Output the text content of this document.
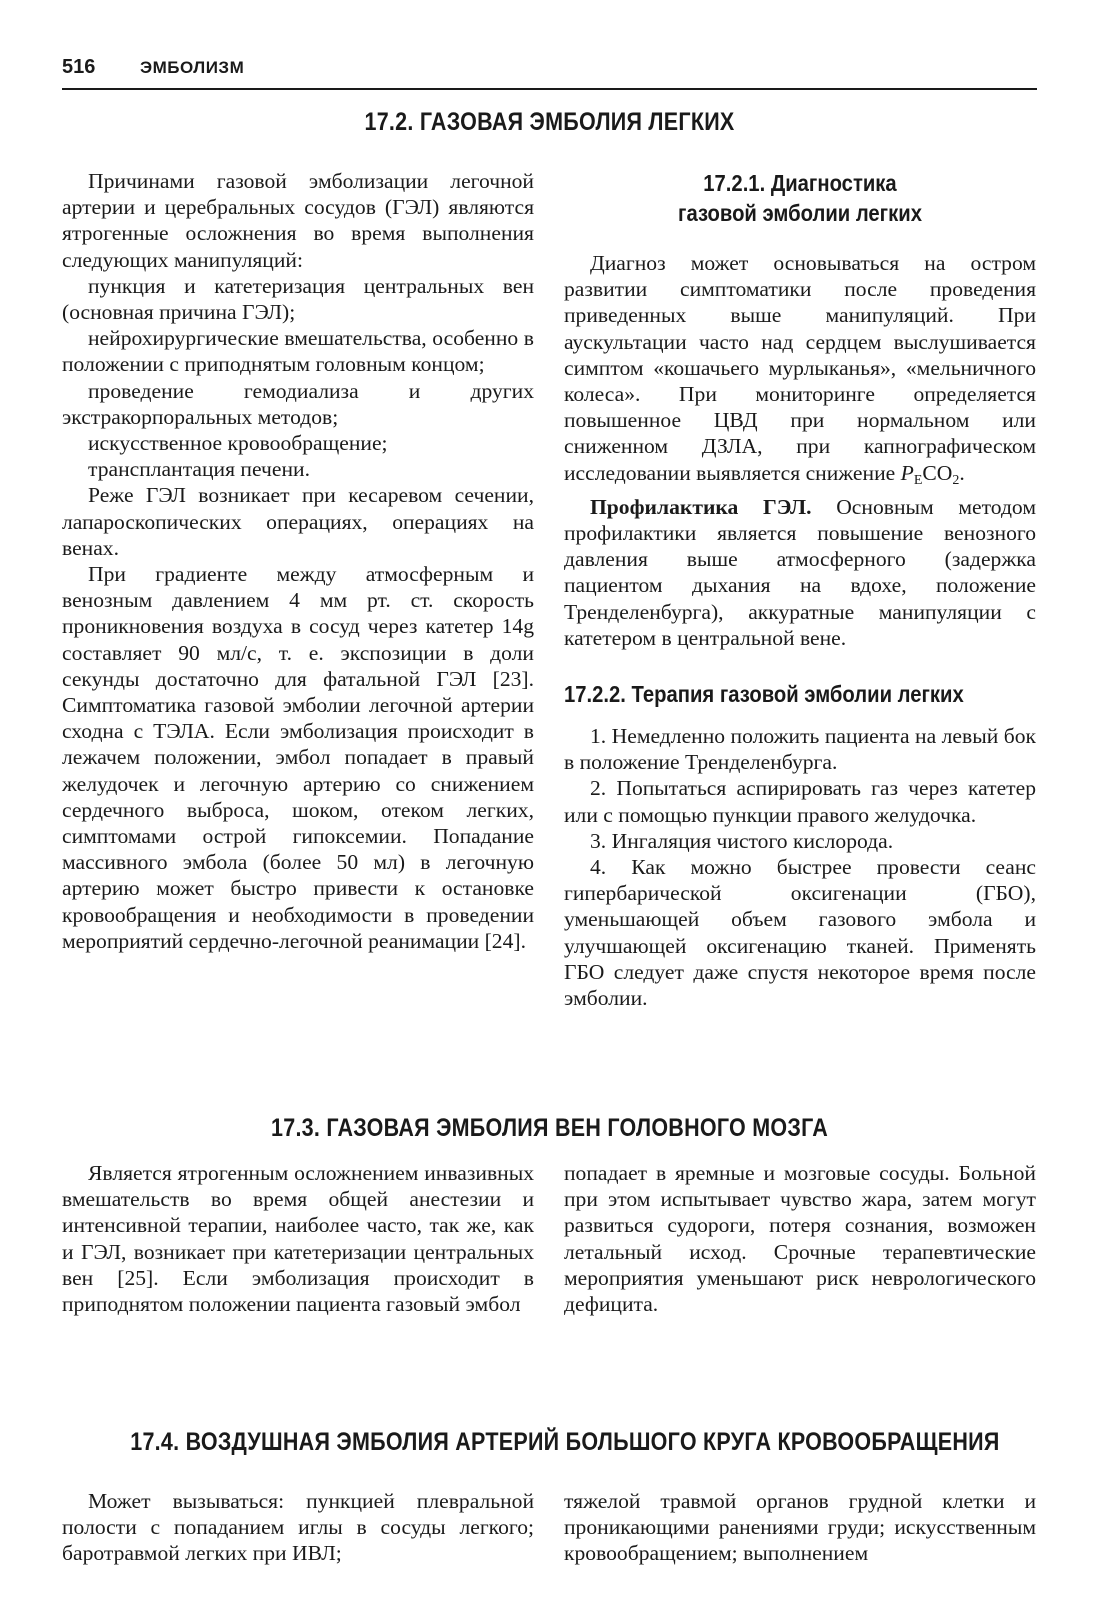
516	ЭМБОЛИЗМ
17.2. ГАЗОВАЯ ЭМБОЛИЯ ЛЕГКИХ

Причинами газовой эмболизации легочной артерии и церебральных сосудов (ГЭЛ) являются ятрогенные осложнения во время выполнения следующих манипуляций:

пункция и катетеризация центральных вен (основная причина ГЭЛ);

нейрохирургические вмешательства, особенно в положении с приподнятым головным концом;

проведение гемодиализа и других экстракорпоральных методов;

искусственное кровообращение;

трансплантация печени.

Реже ГЭЛ возникает при кесаревом сечении, лапароскопических операциях, операциях на венах.

При градиенте между атмосферным и венозным давлением 4 мм рт. ст. скорость проникновения воздуха в сосуд через катетер 14g составляет 90 мл/с, т. е. экспозиции в доли секунды достаточно для фатальной ГЭЛ [23]. Симптоматика газовой эмболии легочной артерии сходна с ТЭЛА. Если эмболизация происходит в лежачем положении, эмбол попадает в правый желудочек и легочную артерию со снижением сердечного выброса, шоком, отеком легких, симптомами острой гипоксемии. Попадание массивного эмбола (более 50 мл) в легочную артерию может быстро привести к остановке кровообращения и необходимости в проведении мероприятий сердечно-легочной реанимации [24].

17.2.1. Диагностика

газовой эмболии легких

Диагноз может основываться на остром развитии симптоматики после проведения приведенных выше манипуляций. При аускультации часто над сердцем выслушивается симптом «кошачьего мурлыканья», «мельничного колеса». При мониторинге определяется повышенное ЦВД при нормальном или сниженном ДЗЛА, при капнографическом исследовании выявляется снижение $P_ECO_2$.

Профилактика ГЭЛ. Основным методом профилактики является повышение венозного давления выше атмосферного (задержка пациентом дыхания на вдохе, положение Тренделенбурга), аккуратные манипуляции с катетером в центральной вене.

17.2.2. Терапия газовой эмболии легких

1. Немедленно положить пациента на левый бок в положение Тренделенбурга.

2. Попытаться аспирировать газ через катетер или с помощью пункции правого желудочка.

3. Ингаляция чистого кислорода.

4. Как можно быстрее провести сеанс гипербарической оксигенации (ГБО), уменьшающей объем газового эмбола и улучшающей оксигенацию тканей. Применять ГБО следует даже спустя некоторое время после эмболии.

17.3. ГАЗОВАЯ ЭМБОЛИЯ ВЕН ГОЛОВНОГО МОЗГА

Является ятрогенным осложнением инвазивных вмешательств во время общей анестезии и интенсивной терапии, наиболее часто, так же, как и ГЭЛ, возникает при катетеризации центральных вен [25]. Если эмболизация происходит в приподнятом положении пациента газовый эмбол

попадает в яремные и мозговые сосуды. Больной при этом испытывает чувство жара, затем могут развиться судороги, потеря сознания, возможен летальный исход. Срочные терапевтические мероприятия уменьшают риск неврологического дефицита.

17.4. ВОЗДУШНАЯ ЭМБОЛИЯ АРТЕРИЙ БОЛЬШОГО КРУГА КРОВООБРАЩЕНИЯ

Может вызываться: пункцией плевральной полости с попаданием иглы в сосуды легкого; баротравмой легких при ИВЛ;

тяжелой травмой органов грудной клетки и проникающими ранениями груди; искусственным кровообращением; выполнением
